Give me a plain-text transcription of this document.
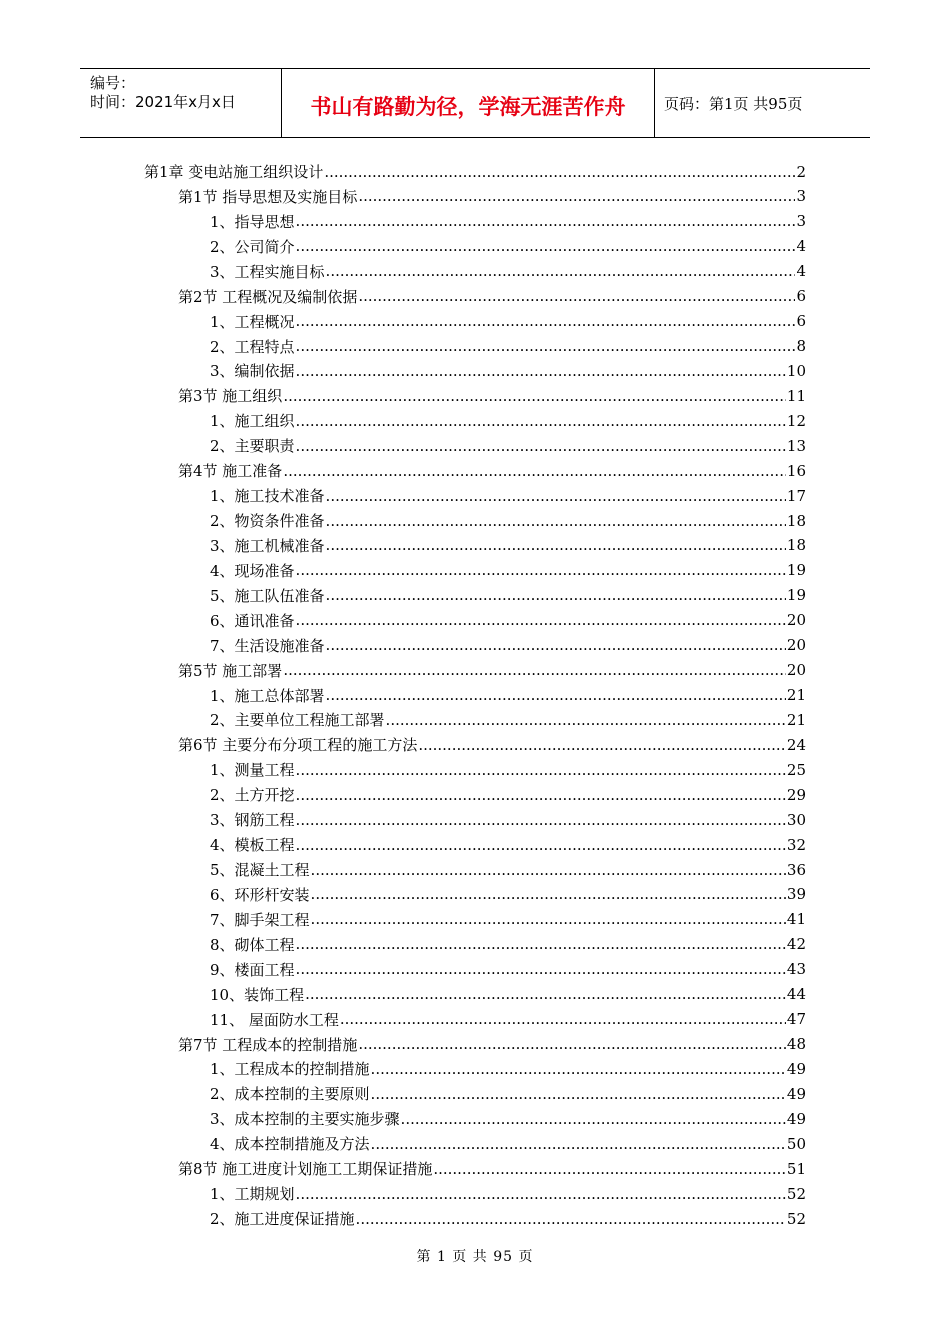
编号：
时间：2021年x月x日	书山有路勤为径，学海无涯苦作舟	页码：第1页 共95页
第1章 变电站施工组织设计 .....	2
第1节 指导思想及实施目标 .....	3
1、指导思想 .....	3
2、公司简介 .....	4
3、工程实施目标 .....	4
第2节 工程概况及编制依据 .....	6
1、工程概况 .....	6
2、工程特点 .....	8
3、编制依据 .....	10
第3节 施工组织 .....	11
1、施工组织 .....	12
2、主要职责 .....	13
第4节 施工准备 .....	16
1、施工技术准备 .....	17
2、物资条件准备 .....	18
3、施工机械准备 .....	18
4、现场准备 .....	19
5、施工队伍准备 .....	19
6、通讯准备 .....	20
7、生活设施准备 .....	20
第5节 施工部署 .....	20
1、施工总体部署 .....	21
2、主要单位工程施工部署 .....	21
第6节 主要分布分项工程的施工方法 .....	24
1、测量工程 .....	25
2、土方开挖 .....	29
3、钢筋工程 .....	30
4、模板工程 .....	32
5、混凝土工程 .....	36
6、环形杆安装 .....	39
7、脚手架工程 .....	41
8、砌体工程 .....	42
9、楼面工程 .....	43
10、装饰工程 .....	44
11、 屋面防水工程 .....	47
第7节 工程成本的控制措施 .....	48
1、工程成本的控制措施 .....	49
2、成本控制的主要原则 .....	49
3、成本控制的主要实施步骤 .....	49
4、成本控制措施及方法 .....	50
第8节 施工进度计划施工工期保证措施 .....	51
1、工期规划 .....	52
2、施工进度保证措施 .....	52
第 1 页 共 95 页
